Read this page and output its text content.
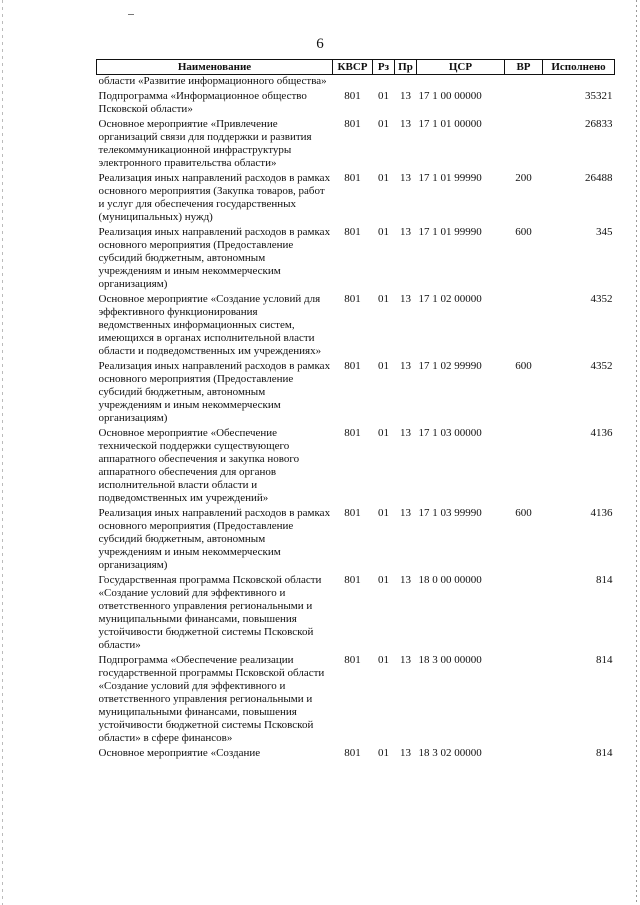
6
Наименование	КВСР	Рз	Пр	ЦСР	ВР	Исполнено
области «Развитие информационного общества»						
Подпрограмма «Информационное общество Псковской области»	801	01	13	17 1 00 00000		35321
Основное мероприятие «Привлечение организаций связи для поддержки и развития телекоммуникационной инфраструктуры электронного правительства области»	801	01	13	17 1 01 00000		26833
Реализация иных направлений расходов в рамках основного мероприятия (Закупка товаров, работ и услуг для обеспечения государственных (муниципальных) нужд)	801	01	13	17 1 01 99990	200	26488
Реализация иных направлений расходов в рамках основного мероприятия (Предоставление субсидий бюджетным, автономным учреждениям и иным некоммерческим организациям)	801	01	13	17 1 01 99990	600	345
Основное мероприятие «Создание условий для эффективного функционирования ведомственных информационных систем, имеющихся в органах исполнительной власти области и подведомственных им учреждениях»	801	01	13	17 1 02 00000		4352
Реализация иных направлений расходов в рамках основного мероприятия (Предоставление субсидий бюджетным, автономным учреждениям и иным некоммерческим организациям)	801	01	13	17 1 02 99990	600	4352
Основное мероприятие «Обеспечение технической поддержки существующего аппаратного обеспечения и закупка нового аппаратного обеспечения для органов исполнительной власти области и подведомственных им учреждений»	801	01	13	17 1 03 00000		4136
Реализация иных направлений расходов в рамках основного мероприятия (Предоставление субсидий бюджетным, автономным учреждениям и иным некоммерческим организациям)	801	01	13	17 1 03 99990	600	4136
Государственная программа Псковской области «Создание условий для эффективного и ответственного управления региональными и муниципальными финансами, повышения устойчивости бюджетной системы Псковской области»	801	01	13	18 0 00 00000		814
Подпрограмма «Обеспечение реализации государственной программы Псковской области «Создание условий для эффективного и ответственного управления региональными и муниципальными финансами, повышения устойчивости бюджетной системы Псковской области» в сфере финансов»	801	01	13	18 3 00 00000		814
Основное мероприятие «Создание	801	01	13	18 3 02 00000		814
